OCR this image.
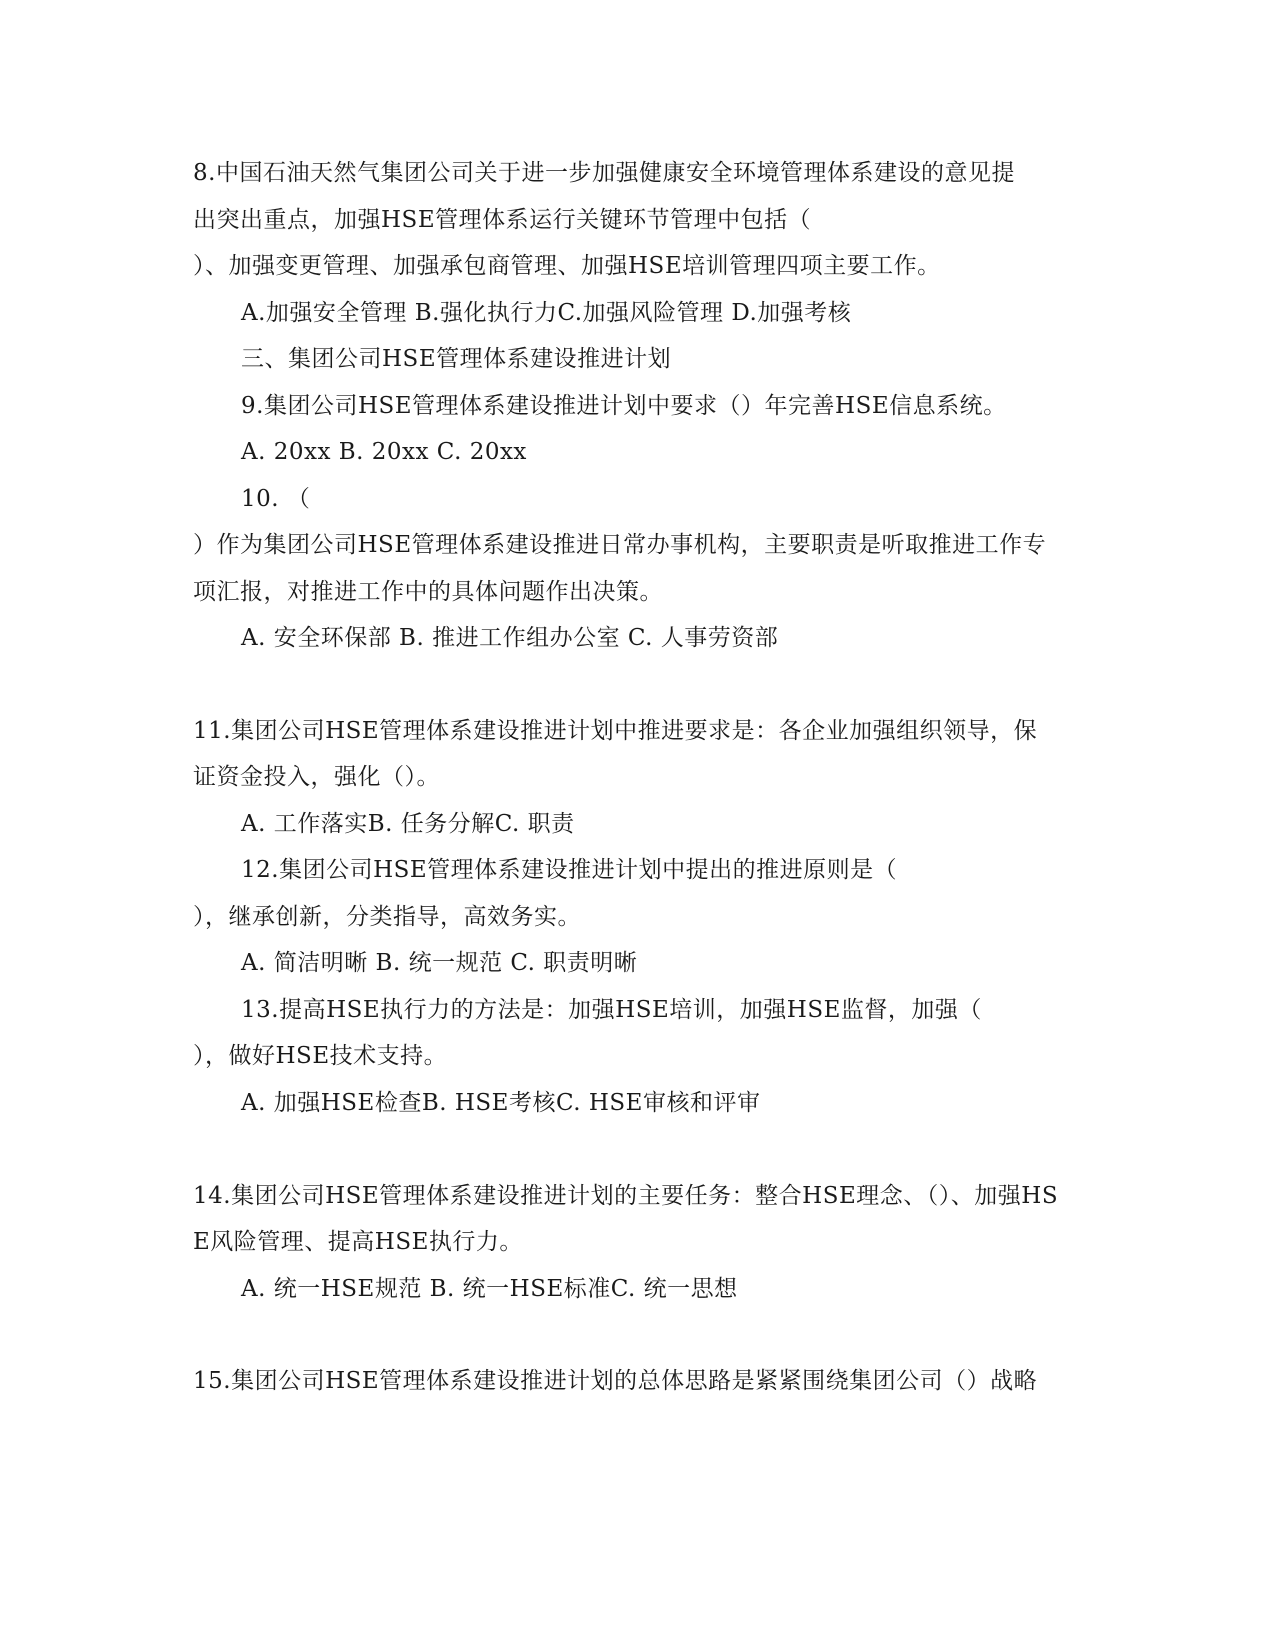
8.中国石油天然气集团公司关于进一步加强健康安全环境管理体系建设的意见提
出突出重点，加强HSE管理体系运行关键环节管理中包括（
）、加强变更管理、加强承包商管理、加强HSE培训管理四项主要工作。
A.加强安全管理 B.强化执行力C.加强风险管理 D.加强考核
三、集团公司HSE管理体系建设推进计划
9.集团公司HSE管理体系建设推进计划中要求（）年完善HSE信息系统。
A. 20xx B. 20xx C. 20xx
10. （
）作为集团公司HSE管理体系建设推进日常办事机构，主要职责是听取推进工作专
项汇报，对推进工作中的具体问题作出决策。
A. 安全环保部 B. 推进工作组办公室 C. 人事劳资部
11.集团公司HSE管理体系建设推进计划中推进要求是：各企业加强组织领导，保
证资金投入，强化（）。
A. 工作落实B. 任务分解C. 职责
12.集团公司HSE管理体系建设推进计划中提出的推进原则是（
），继承创新，分类指导，高效务实。
A. 简洁明晰 B. 统一规范 C. 职责明晰
13.提高HSE执行力的方法是：加强HSE培训，加强HSE监督，加强（
），做好HSE技术支持。
A. 加强HSE检查B. HSE考核C. HSE审核和评审
14.集团公司HSE管理体系建设推进计划的主要任务：整合HSE理念、（）、加强HS
E风险管理、提高HSE执行力。
A. 统一HSE规范 B. 统一HSE标准C. 统一思想
15.集团公司HSE管理体系建设推进计划的总体思路是紧紧围绕集团公司（）战略
